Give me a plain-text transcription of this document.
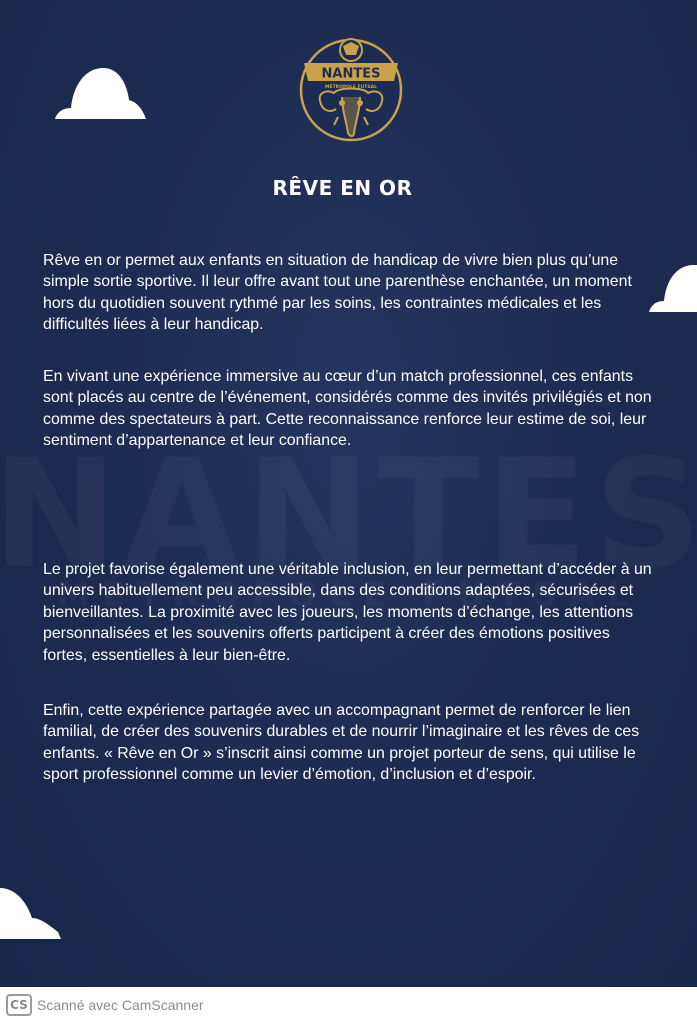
NANTES
MÉTROPOLE FUTSAL
RÊVE EN OR

Rêve en or permet aux enfants en situation de handicap de vivre bien plus qu’une simple sortie sportive. Il leur offre avant tout une parenthèse enchantée, un moment hors du quotidien souvent rythmé par les soins, les contraintes médicales et les difficultés liées à leur handicap.

En vivant une expérience immersive au cœur d’un match professionnel, ces enfants sont placés au centre de l’événement, considérés comme des invités privilégiés et non comme des spectateurs à part. Cette reconnaissance renforce leur estime de soi, leur sentiment d’appartenance et leur confiance.

Le projet favorise également une véritable inclusion, en leur permettant d’accéder à un univers habituellement peu accessible, dans des conditions adaptées, sécurisées et bienveillantes. La proximité avec les joueurs, les moments d’échange, les attentions personnalisées et les souvenirs offerts participent à créer des émotions positives fortes, essentielles à leur bien-être.

Enfin, cette expérience partagée avec un accompagnant permet de renforcer le lien familial, de créer des souvenirs durables et de nourrir l’imaginaire et les rêves de ces enfants. « Rêve en Or » s’inscrit ainsi comme un projet porteur de sens, qui utilise le sport professionnel comme un levier d’émotion, d’inclusion et d’espoir.

CS Scanné avec CamScanner
